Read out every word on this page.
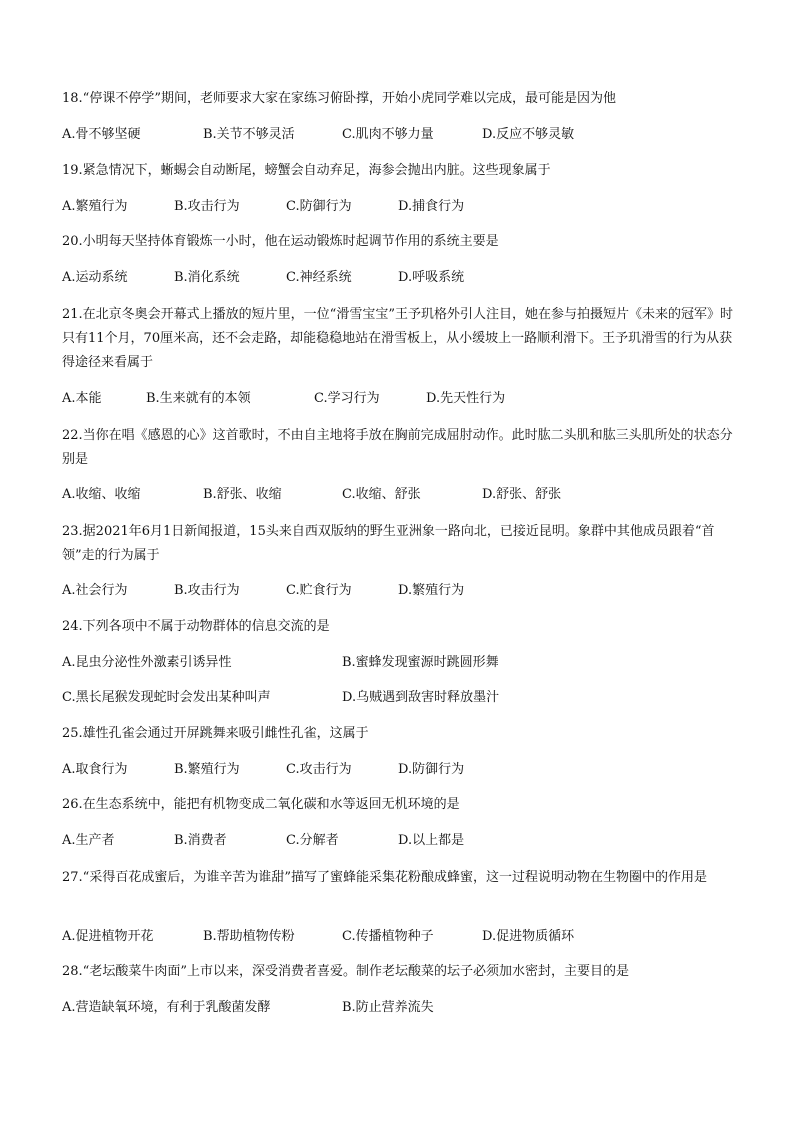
18.“停课不停学”期间，老师要求大家在家练习俯卧撑，开始小虎同学难以完成，最可能是因为他
A.骨不够坚硬	B.关节不够灵活	C.肌肉不够力量	D.反应不够灵敏
19.紧急情况下，蜥蜴会自动断尾，螃蟹会自动弃足，海参会抛出内脏。这些现象属于
A.繁殖行为	B.攻击行为	C.防御行为	D.捕食行为
20.小明每天坚持体育锻炼一小时，他在运动锻炼时起调节作用的系统主要是
A.运动系统	B.消化系统	C.神经系统	D.呼吸系统
21.在北京冬奥会开幕式上播放的短片里，一位“滑雪宝宝”王予玑格外引人注目，她在参与拍摄短片《未来的冠军》时只有11个月，70厘米高，还不会走路，却能稳稳地站在滑雪板上，从小缓坡上一路顺利滑下。王予玑滑雪的行为从获得途径来看属于
A.本能	B.生来就有的本领	C.学习行为	D.先天性行为
22.当你在唱《感恩的心》这首歌时，不由自主地将手放在胸前完成屈肘动作。此时肱二头肌和肱三头肌所处的状态分别是
A.收缩、收缩	B.舒张、收缩	C.收缩、舒张	D.舒张、舒张
23.据2021年6月1日新闻报道，15头来自西双版纳的野生亚洲象一路向北，已接近昆明。象群中其他成员跟着“首领”走的行为属于
A.社会行为	B.攻击行为	C.贮食行为	D.繁殖行为
24.下列各项中不属于动物群体的信息交流的是
A.昆虫分泌性外激素引诱异性	B.蜜蜂发现蜜源时跳圆形舞
C.黑长尾猴发现蛇时会发出某种叫声	D.乌贼遇到敌害时释放墨汁
25.雄性孔雀会通过开屏跳舞来吸引雌性孔雀，这属于
A.取食行为	B.繁殖行为	C.攻击行为	D.防御行为
26.在生态系统中，能把有机物变成二氧化碳和水等返回无机环境的是
A.生产者	B.消费者	C.分解者	D.以上都是
27.“采得百花成蜜后，为谁辛苦为谁甜”描写了蜜蜂能采集花粉酿成蜂蜜，这一过程说明动物在生物圈中的作用是
A.促进植物开花	B.帮助植物传粉	C.传播植物种子	D.促进物质循环
28.“老坛酸菜牛肉面”上市以来，深受消费者喜爱。制作老坛酸菜的坛子必须加水密封，主要目的是
A.营造缺氧环境，有利于乳酸菌发酵	B.防止营养流失
